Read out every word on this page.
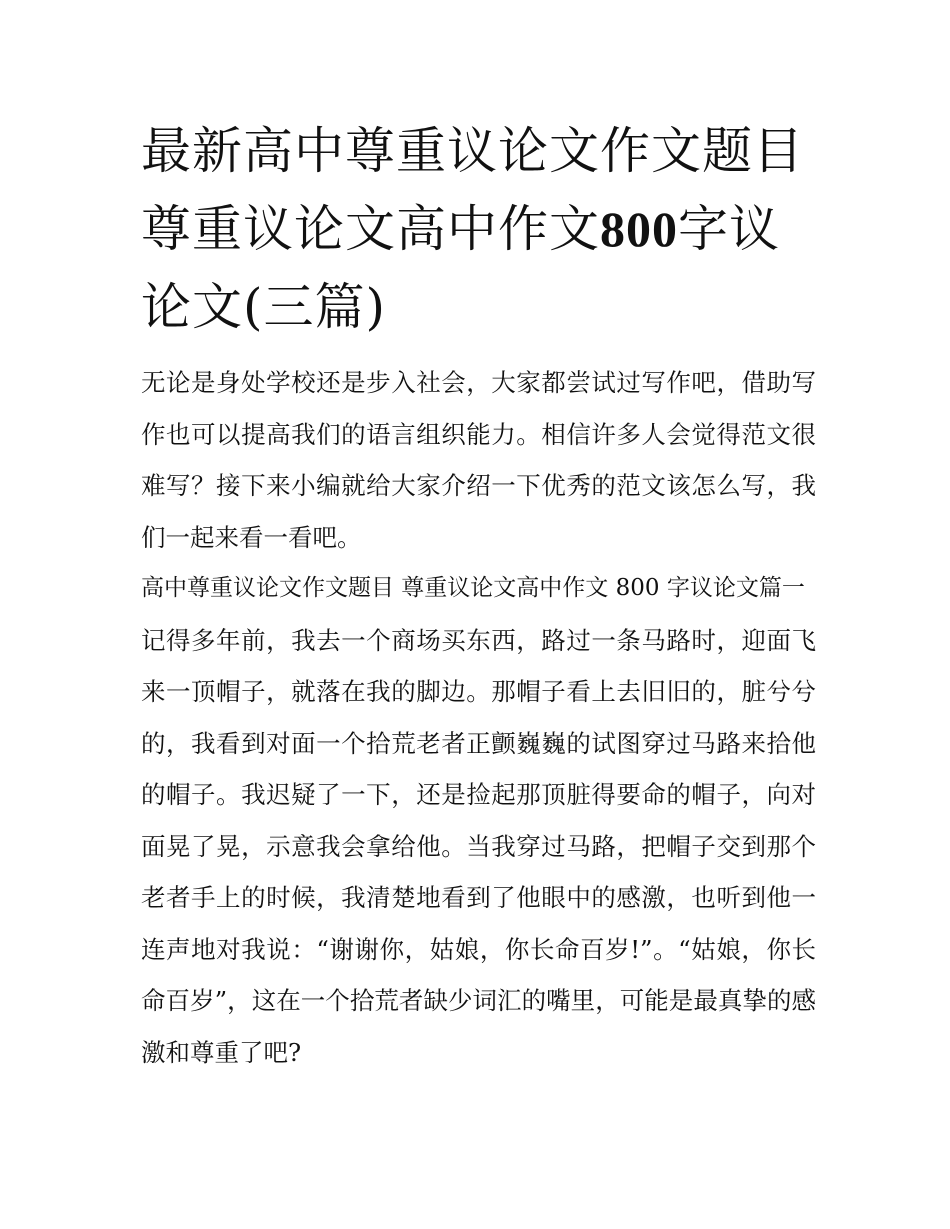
最新高中尊重议论文作文题目尊重议论文高中作文800字议论文(三篇)

无论是身处学校还是步入社会，大家都尝试过写作吧，借助写作也可以提高我们的语言组织能力。相信许多人会觉得范文很难写？接下来小编就给大家介绍一下优秀的范文该怎么写，我们一起来看一看吧。

高中尊重议论文作文题目 尊重议论文高中作文 800 字议论文篇一

记得多年前，我去一个商场买东西，路过一条马路时，迎面飞来一顶帽子，就落在我的脚边。那帽子看上去旧旧的，脏兮兮的，我看到对面一个拾荒老者正颤巍巍的试图穿过马路来拾他的帽子。我迟疑了一下，还是捡起那顶脏得要命的帽子，向对面晃了晃，示意我会拿给他。当我穿过马路，把帽子交到那个老者手上的时候，我清楚地看到了他眼中的感激，也听到他一连声地对我说：“谢谢你，姑娘，你长命百岁!”。“姑娘，你长命百岁”，这在一个拾荒者缺少词汇的嘴里，可能是最真挚的感激和尊重了吧?
